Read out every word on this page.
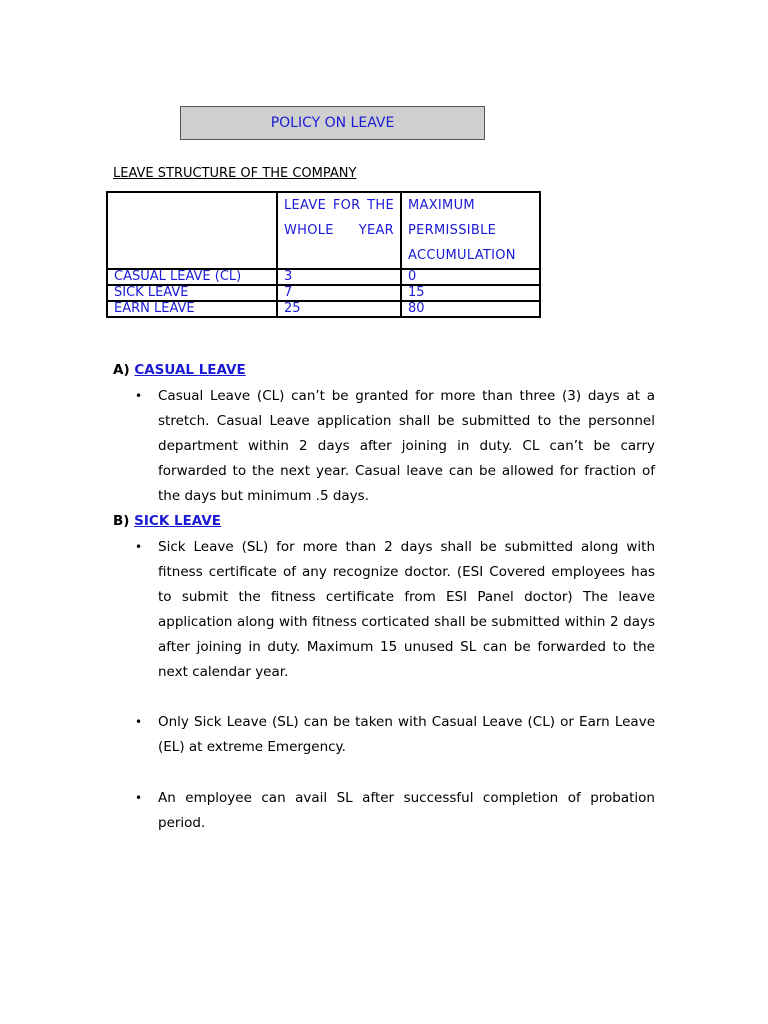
POLICY ON LEAVE
LEAVE STRUCTURE OF THE COMPANY
	LEAVE FOR THE WHOLE YEAR	MAXIMUM PERMISSIBLE ACCUMULATION
CASUAL LEAVE (CL)	3	0
SICK LEAVE	7	15
EARN LEAVE	25	80
A) CASUAL LEAVE
•	Casual Leave (CL) can’t be granted for more than three (3) days at a stretch. Casual Leave application shall be submitted to the personnel department within 2 days after joining in duty. CL can’t be carry forwarded to the next year. Casual leave can be allowed for fraction of the days but minimum .5 days.
B) SICK LEAVE
•	Sick Leave (SL) for more than 2 days shall be submitted along with fitness certificate of any recognize doctor. (ESI Covered employees has to submit the fitness certificate from ESI Panel doctor) The leave application along with fitness corticated shall be submitted within 2 days after joining in duty. Maximum 15 unused SL can be forwarded to the next calendar year.
•	Only Sick Leave (SL) can be taken with Casual Leave (CL) or Earn Leave (EL) at extreme Emergency.
•	An employee can avail SL after successful completion of probation period.
